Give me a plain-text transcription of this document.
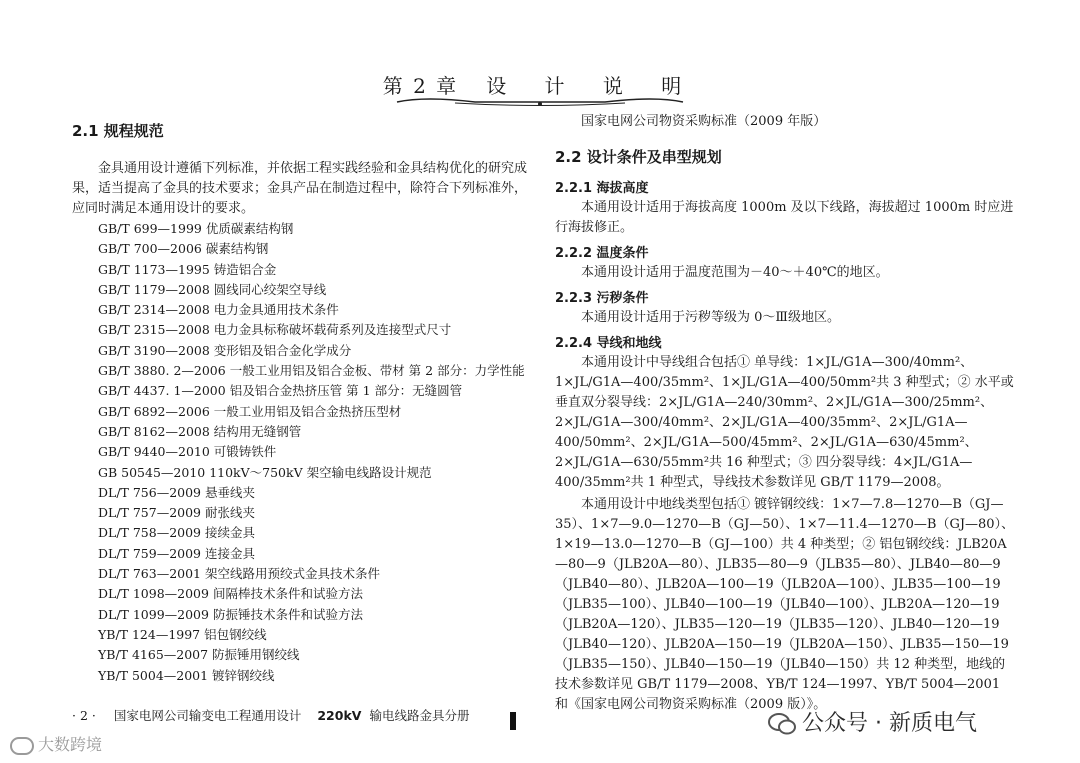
第 2 章 设 计 说 明
2.1 规程规范

金具通用设计遵循下列标准，并依据工程实践经验和金具结构优化的研究成果，适当提高了金具的技术要求；金具产品在制造过程中，除符合下列标准外，应同时满足本通用设计的要求。

GB/T 699—1999 优质碳素结构钢

GB/T 700—2006 碳素结构钢

GB/T 1173—1995 铸造铝合金

GB/T 1179—2008 圆线同心绞架空导线

GB/T 2314—2008 电力金具通用技术条件

GB/T 2315—2008 电力金具标称破坏载荷系列及连接型式尺寸

GB/T 3190—2008 变形铝及铝合金化学成分

GB/T 3880. 2—2006 一般工业用铝及铝合金板、带材 第 2 部分：力学性能

GB/T 4437. 1—2000 铝及铝合金热挤压管 第 1 部分：无缝圆管

GB/T 6892—2006 一般工业用铝及铝合金热挤压型材

GB/T 8162—2008 结构用无缝钢管

GB/T 9440—2010 可锻铸铁件

GB 50545—2010 110kV～750kV 架空输电线路设计规范

DL/T 756—2009 悬垂线夹

DL/T 757—2009 耐张线夹

DL/T 758—2009 接续金具

DL/T 759—2009 连接金具

DL/T 763—2001 架空线路用预绞式金具技术条件

DL/T 1098—2009 间隔棒技术条件和试验方法

DL/T 1099—2009 防振锤技术条件和试验方法

YB/T 124—1997 铝包钢绞线

YB/T 4165—2007 防振锤用钢绞线

YB/T 5004—2001 镀锌钢绞线

国家电网公司物资采购标准（2009 年版）

2.2 设计条件及串型规划
2.2.1 海拔高度

本通用设计适用于海拔高度 1000m 及以下线路，海拔超过 1000m 时应进行海拔修正。

2.2.2 温度条件

本通用设计适用于温度范围为－40～＋40℃的地区。

2.2.3 污秽条件

本通用设计适用于污秽等级为 0～Ⅲ级地区。

2.2.4 导线和地线

本通用设计中导线组合包括① 单导线：1×JL/G1A—300/40mm²、1×JL/G1A—400/35mm²、1×JL/G1A—400/50mm²共 3 种型式；② 水平或垂直双分裂导线：2×JL/G1A—240/30mm²、2×JL/G1A—300/25mm²、2×JL/G1A—300/40mm²、2×JL/G1A—400/35mm²、2×JL/G1A—400/50mm²、2×JL/G1A—500/45mm²、2×JL/G1A—630/45mm²、2×JL/G1A—630/55mm²共 16 种型式；③ 四分裂导线：4×JL/G1A—400/35mm²共 1 种型式，导线技术参数详见 GB/T 1179—2008。

本通用设计中地线类型包括① 镀锌钢绞线：1×7—7.8—1270—B（GJ—35）、1×7—9.0—1270—B（GJ—50）、1×7—11.4—1270—B（GJ—80）、1×19—13.0—1270—B（GJ—100）共 4 种类型；② 铝包钢绞线：JLB20A—80—9（JLB20A—80）、JLB35—80—9（JLB35—80）、JLB40—80—9（JLB40—80）、JLB20A—100—19（JLB20A—100）、JLB35—100—19（JLB35—100）、JLB40—100—19（JLB40—100）、JLB20A—120—19（JLB20A—120）、JLB35—120—19（JLB35—120）、JLB40—120—19（JLB40—120）、JLB20A—150—19（JLB20A—150）、JLB35—150—19（JLB35—150）、JLB40—150—19（JLB40—150）共 12 种类型，地线的技术参数详见 GB/T 1179—2008、YB/T 124—1997、YB/T 5004—2001 和《国家电网公司物资采购标准（2009 版）》。

· 2 · 国家电网公司输变电工程通用设计 220kV 输电线路金具分册
大数跨境
公众号 · 新质电气
